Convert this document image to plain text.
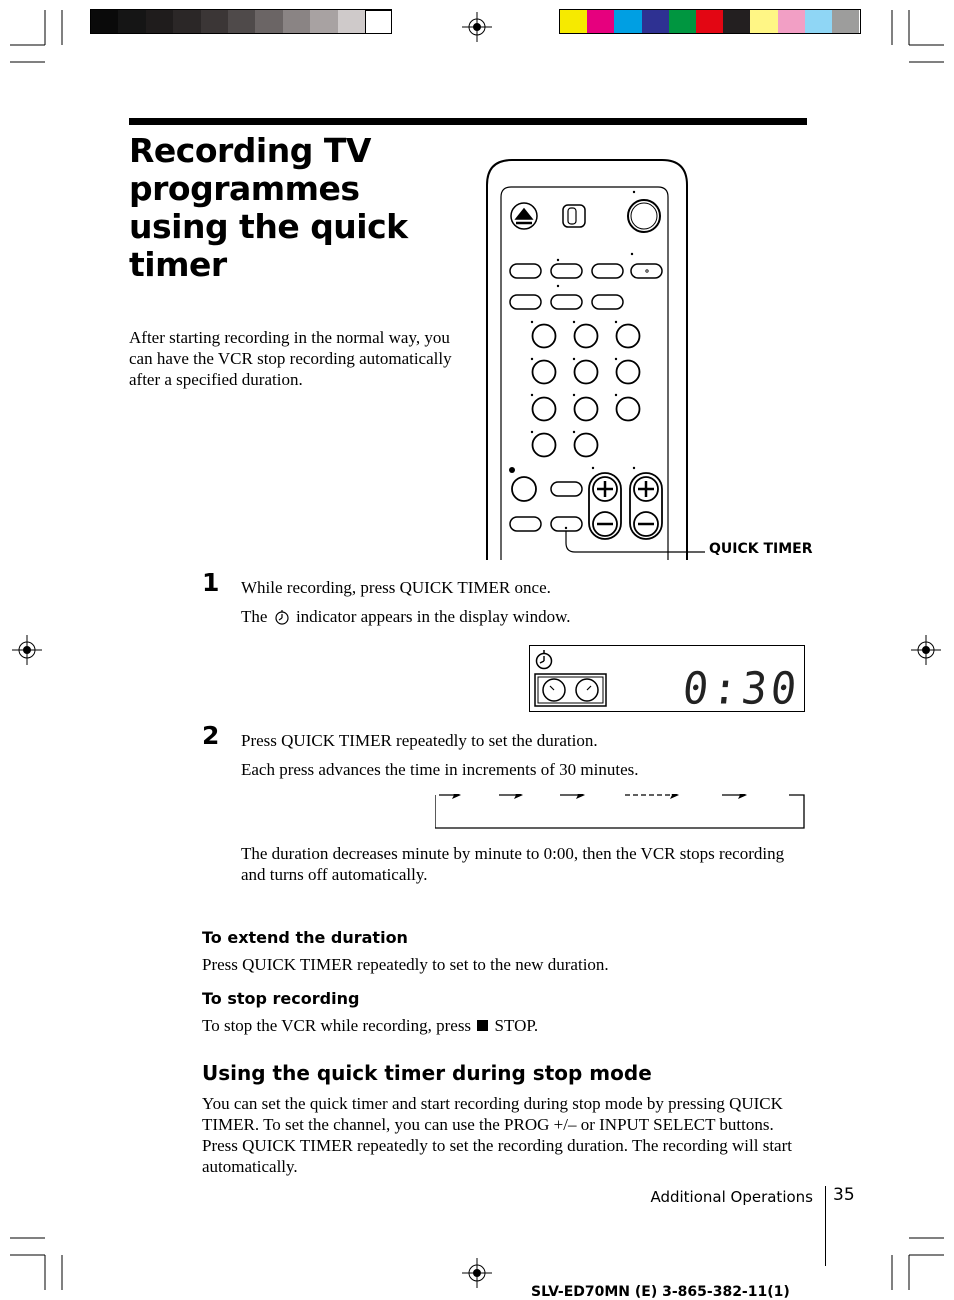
Recording TV programmes using the quick timer
After starting recording in the normal way, you can have the VCR stop recording automatically after a specified duration.
QUICK TIMER
1 While recording, press QUICK TIMER once.
The indicator appears in the display window.
0:30
2 Press QUICK TIMER repeatedly to set the duration.
Each press advances the time in increments of 30 minutes.
The duration decreases minute by minute to 0:00, then the VCR stops recording and turns off automatically.
To extend the duration
Press QUICK TIMER repeatedly to set to the new duration.
To stop recording
To stop the VCR while recording, press STOP.
Using the quick timer during stop mode
You can set the quick timer and start recording during stop mode by pressing QUICK TIMER. To set the channel, you can use the PROG +/– or INPUT SELECT buttons. Press QUICK TIMER repeatedly to set the recording duration. The recording will start automatically.
Additional Operations 35
SLV-ED70MN (E) 3-865-382-11(1)
